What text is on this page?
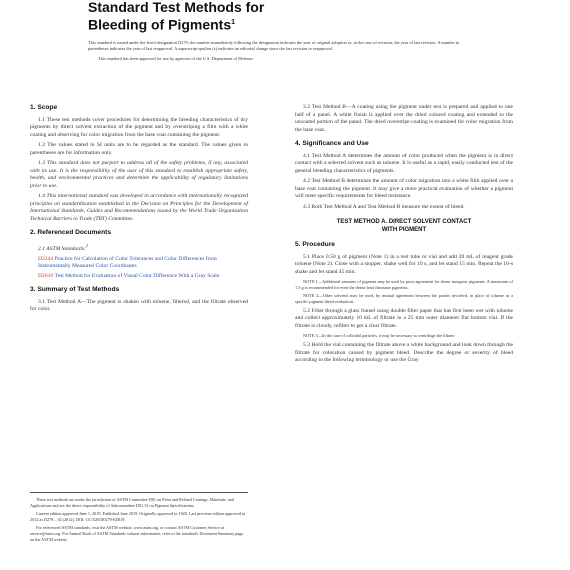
Standard Test Methods for
Bleeding of Pigments$^1$

This standard is issued under the fixed designation D279; the number immediately following the designation indicates the year of original adoption or, in the case of revision, the year of last revision. A number in parentheses indicates the year of last reapproval. A superscript epsilon (ε) indicates an editorial change since the last revision or reapproval.

This standard has been approved for use by agencies of the U.S. Department of Defense.

1. Scope

1.1 These test methods cover procedures for determining the bleeding characteristics of dry pigments by direct solvent extraction of the pigment and by overstriping a film with a white coating and observing for color migration from the base coat containing the pigment.

1.2 The values stated in SI units are to be regarded as the standard. The values given in parentheses are for information only.

1.3 This standard does not purport to address all of the safety problems, if any, associated with its use. It is the responsibility of the user of this standard to establish appropriate safety, health, and environmental practices and determine the applicability of regulatory limitations prior to use.

1.4 This international standard was developed in accordance with internationally recognized principles on standardization established in the Decision on Principles for the Development of International Standards, Guides and Recommendations issued by the World Trade Organization Technical Barriers to Trade (TBT) Committee.

2. Referenced Documents

2.1 ASTM Standards:$^2$

D2244 Practice for Calculation of Color Tolerances and Color Differences from Instrumentally Measured Color Coordinates

D2616 Test Method for Evaluation of Visual Color Difference With a Gray Scale

3. Summary of Test Methods

3.1 Test Method A—The pigment is shaken with toluene, filtered, and the filtrate observed for color.

These test methods are under the jurisdiction of ASTM Committee D01 on Paint and Related Coatings, Materials, and Applications and are the direct responsibility of Subcommittee D01.31 on Pigment Specifications.

Current edition approved June 1, 2019. Published June 2019. Originally approved in 1928. Last previous edition approved in 2012 as D279 – 02 (2012). DOI: 10.1520/D0279-02R19.

For referenced ASTM standards, visit the ASTM website, www.astm.org, or contact ASTM Customer Service at service@astm.org. For Annual Book of ASTM Standards volume information, refer to the standard's Document Summary page on the ASTM website.

3.2 Test Method B—A coating using the pigment under test is prepared and applied to one half of a panel. A white finish is applied over the dried colored coating and extended to the uncoated portion of the panel. The dried overstripe coating is examined for color migration from the base coat.

4. Significance and Use

4.1 Test Method A determines the amount of color produced when the pigment is in direct contact with a selected solvent such as toluene. It is useful as a rapid, easily conducted test of the general bleeding characteristics of pigments.

4.2 Test Method B determines the amount of color migration into a white film applied over a base coat containing the pigment. It may give a more practical evaluation of whether a pigment will meet specific requirements for bleed resistance.

4.3 Both Test Method A and Test Method B measure the extent of bleed.

TEST METHOD A. DIRECT SOLVENT CONTACT
WITH PIGMENT
5. Procedure

5.1 Place 0.50 g of pigment (Note 1) in a test tube or vial and add 20 mL of reagent grade toluene (Note 2). Close with a stopper, shake well for 10 s, and let stand 15 min. Repeat the 10-s shake and let stand 45 min.

NOTE 1—Additional amounts of pigment may be used by prior agreement for dense inorganic pigments. A maximum of 1.5 g is recommended for even the dense lead chromate pigments.

NOTE 2—Other solvents may be used, by mutual agreement between the parties involved, in place of toluene as a specific pigment bleed evaluation.

5.2 Filter through a glass funnel using double filter paper that has first been wet with toluene and collect approximately 10 mL of filtrate in a 25 mm outer diameter flat bottom vial. If the filtrate is cloudy, refilter to get a clear filtrate.

NOTE 3—In the case of colloidal particles, it may be necessary to centrifuge the filtrate.

5.3 Hold the vial containing the filtrate above a white background and look down through the filtrate for coloration caused by pigment bleed. Describe the degree or severity of bleed according to the following terminology or use the Gray
